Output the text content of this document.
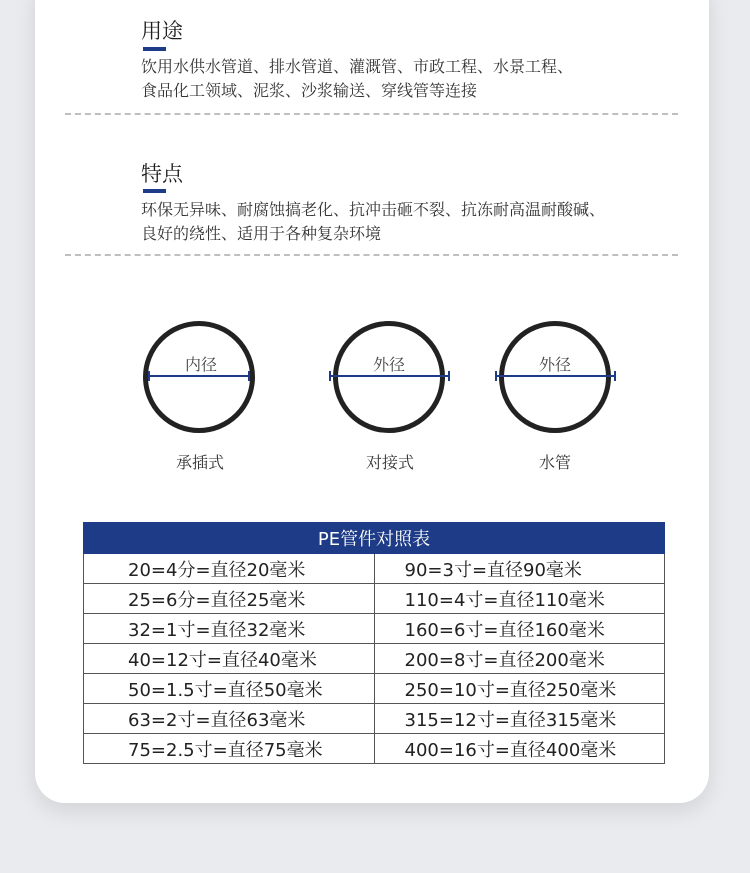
用途
饮用水供水管道、排水管道、灌溉管、市政工程、水景工程、
食品化工领域、泥浆、沙浆输送、穿线管等连接
特点
环保无异味、耐腐蚀搞老化、抗冲击砸不裂、抗冻耐高温耐酸碱、
良好的绕性、适用于各种复杂环境
内径
承插式
外径
对接式
外径
水管
PE管件对照表	
20=4分=直径20毫米	90=3寸=直径90毫米
25=6分=直径25毫米	110=4寸=直径110毫米
32=1寸=直径32毫米	160=6寸=直径160毫米
40=12寸=直径40毫米	200=8寸=直径200毫米
50=1.5寸=直径50毫米	250=10寸=直径250毫米
63=2寸=直径63毫米	315=12寸=直径315毫米
75=2.5寸=直径75毫米	400=16寸=直径400毫米
